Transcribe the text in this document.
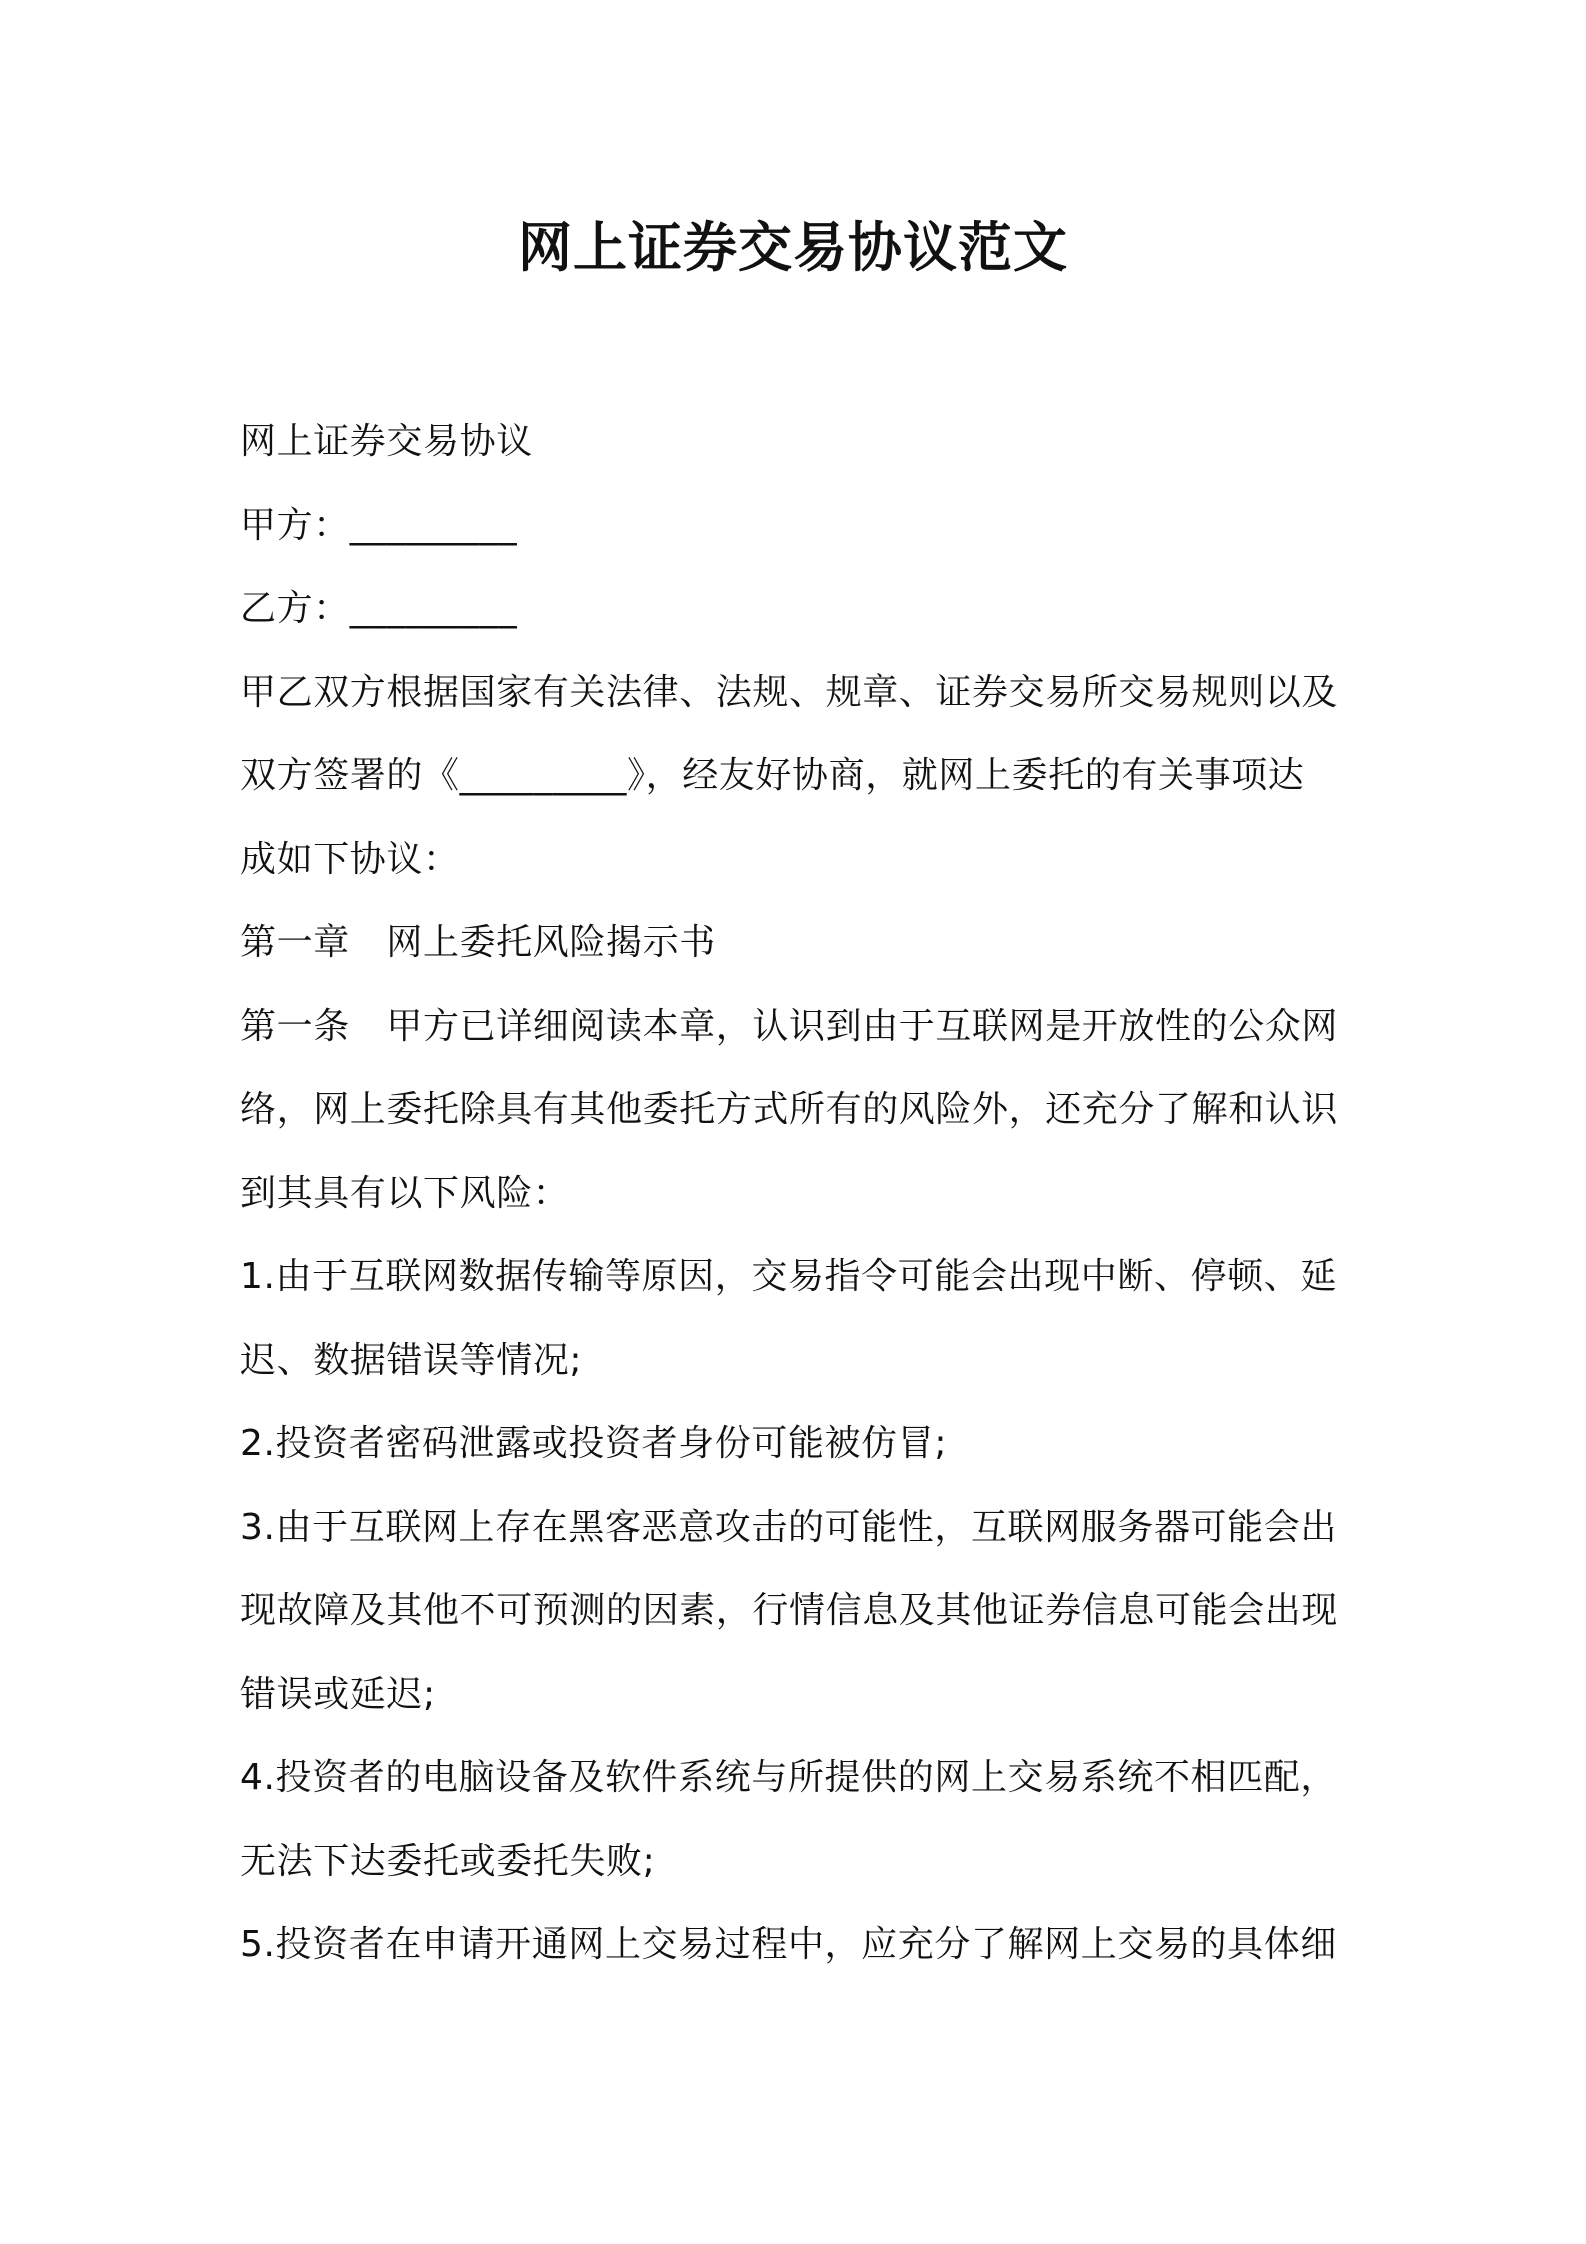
网上证券交易协议范文
网上证券交易协议
甲方：_________
乙方：_________
甲乙双方根据国家有关法律、法规、规章、证券交易所交易规则以及
双方签署的《_________》，经友好协商，就网上委托的有关事项达
成如下协议：
第一章　网上委托风险揭示书
第一条　甲方已详细阅读本章，认识到由于互联网是开放性的公众网
络，网上委托除具有其他委托方式所有的风险外，还充分了解和认识
到其具有以下风险：
1.由于互联网数据传输等原因，交易指令可能会出现中断、停顿、延
迟、数据错误等情况;
2.投资者密码泄露或投资者身份可能被仿冒;
3.由于互联网上存在黑客恶意攻击的可能性，互联网服务器可能会出
现故障及其他不可预测的因素，行情信息及其他证券信息可能会出现
错误或延迟;
4.投资者的电脑设备及软件系统与所提供的网上交易系统不相匹配，
无法下达委托或委托失败;
5.投资者在申请开通网上交易过程中，应充分了解网上交易的具体细
